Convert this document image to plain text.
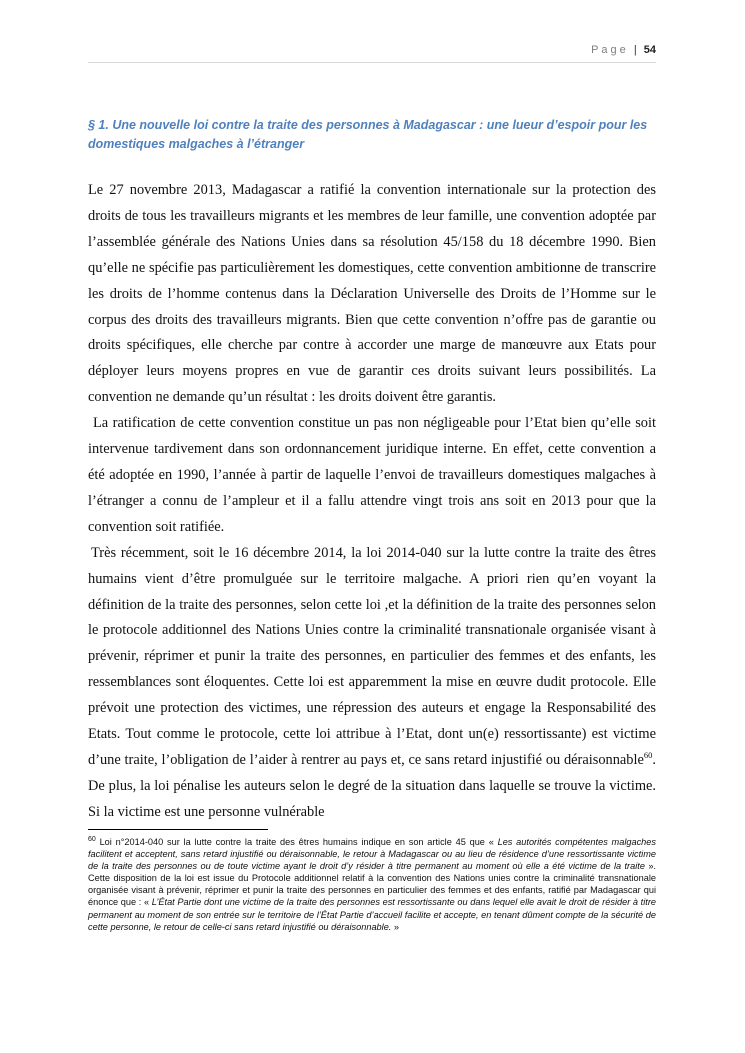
Page | 54
§ 1. Une nouvelle loi contre la traite des personnes à Madagascar : une lueur d’espoir pour les domestiques malgaches à l’étranger

Le 27 novembre 2013, Madagascar a ratifié la convention internationale sur la protection des droits de tous les travailleurs migrants et les membres de leur famille, une convention adoptée par l’assemblée générale des Nations Unies dans sa résolution 45/158 du 18 décembre 1990. Bien qu’elle ne spécifie pas particulièrement les domestiques, cette convention ambitionne de transcrire les droits de l’homme contenus dans la Déclaration Universelle des Droits de l’Homme sur le corpus des droits des travailleurs migrants. Bien que cette convention n’offre pas de garantie ou droits spécifiques, elle cherche par contre à accorder une marge de manœuvre aux Etats pour déployer leurs moyens propres en vue de garantir ces droits suivant leurs possibilités. La convention ne demande qu’un résultat : les droits doivent être garantis.

La ratification de cette convention constitue un pas non négligeable pour l’Etat bien qu’elle soit intervenue tardivement dans son ordonnancement juridique interne. En effet, cette convention a été adoptée en 1990, l’année à partir de laquelle l’envoi de travailleurs domestiques malgaches à l’étranger a connu de l’ampleur et il a fallu attendre vingt trois ans soit en 2013 pour que la convention soit ratifiée.

Très récemment, soit le 16 décembre 2014, la loi 2014-040 sur la lutte contre la traite des êtres humains vient d’être promulguée sur le territoire malgache. A priori rien qu’en voyant la définition de la traite des personnes, selon cette loi ,et la définition de la traite des personnes selon le protocole additionnel des Nations Unies contre la criminalité transnationale organisée visant à prévenir, réprimer et punir la traite des personnes, en particulier des femmes et des enfants, les ressemblances sont éloquentes. Cette loi est apparemment la mise en œuvre dudit protocole. Elle prévoit une protection des victimes, une répression des auteurs et engage la Responsabilité des Etats. Tout comme le protocole, cette loi attribue à l’Etat, dont un(e) ressortissante) est victime d’une traite, l’obligation de l’aider à rentrer au pays et, ce sans retard injustifié ou déraisonnable$^{60}$. De plus, la loi pénalise les auteurs selon le degré de la situation dans laquelle se trouve la victime. Si la victime est une personne vulnérable

$^{60}$ Loi n°2014-040 sur la lutte contre la traite des êtres humains indique en son article 45 que « Les autorités compétentes malgaches facilitent et acceptent, sans retard injustifié ou déraisonnable, le retour à Madagascar ou au lieu de résidence d’une ressortissante victime de la traite des personnes ou de toute victime ayant le droit d’y résider à titre permanent au moment où elle a été victime de la traite ». Cette disposition de la loi est issue du Protocole additionnel relatif à la convention des Nations unies contre la criminalité transnationale organisée visant à prévenir, réprimer et punir la traite des personnes en particulier des femmes et des enfants, ratifié par Madagascar qui énonce que : « L’État Partie dont une victime de la traite des personnes est ressortissante ou dans lequel elle avait le droit de résider à titre permanent au moment de son entrée sur le territoire de l’État Partie d’accueil facilite et accepte, en tenant dûment compte de la sécurité de cette personne, le retour de celle-ci sans retard injustifié ou déraisonnable. »
